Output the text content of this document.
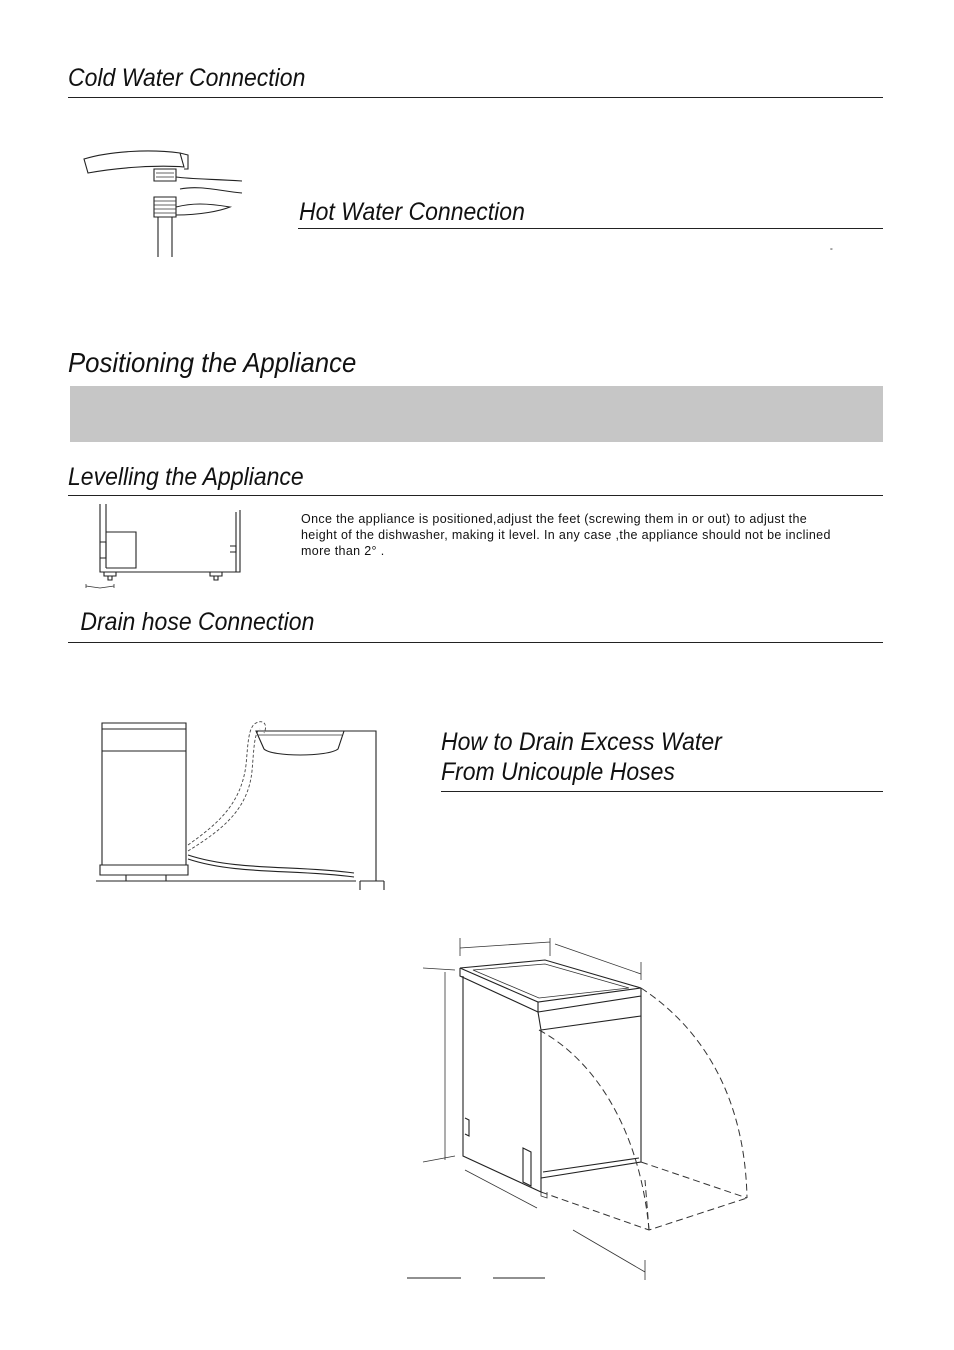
Cold Water Connection
Hot Water Connection
°
Positioning the Appliance
Levelling the Appliance
Once the appliance is positioned,adjust the feet (screwing them in or out) to adjust the
height of the dishwasher, making it level. In any case ,the appliance should not be inclined
more than 2° .
Drain hose Connection
How to Drain Excess Water
From Unicouple Hoses
